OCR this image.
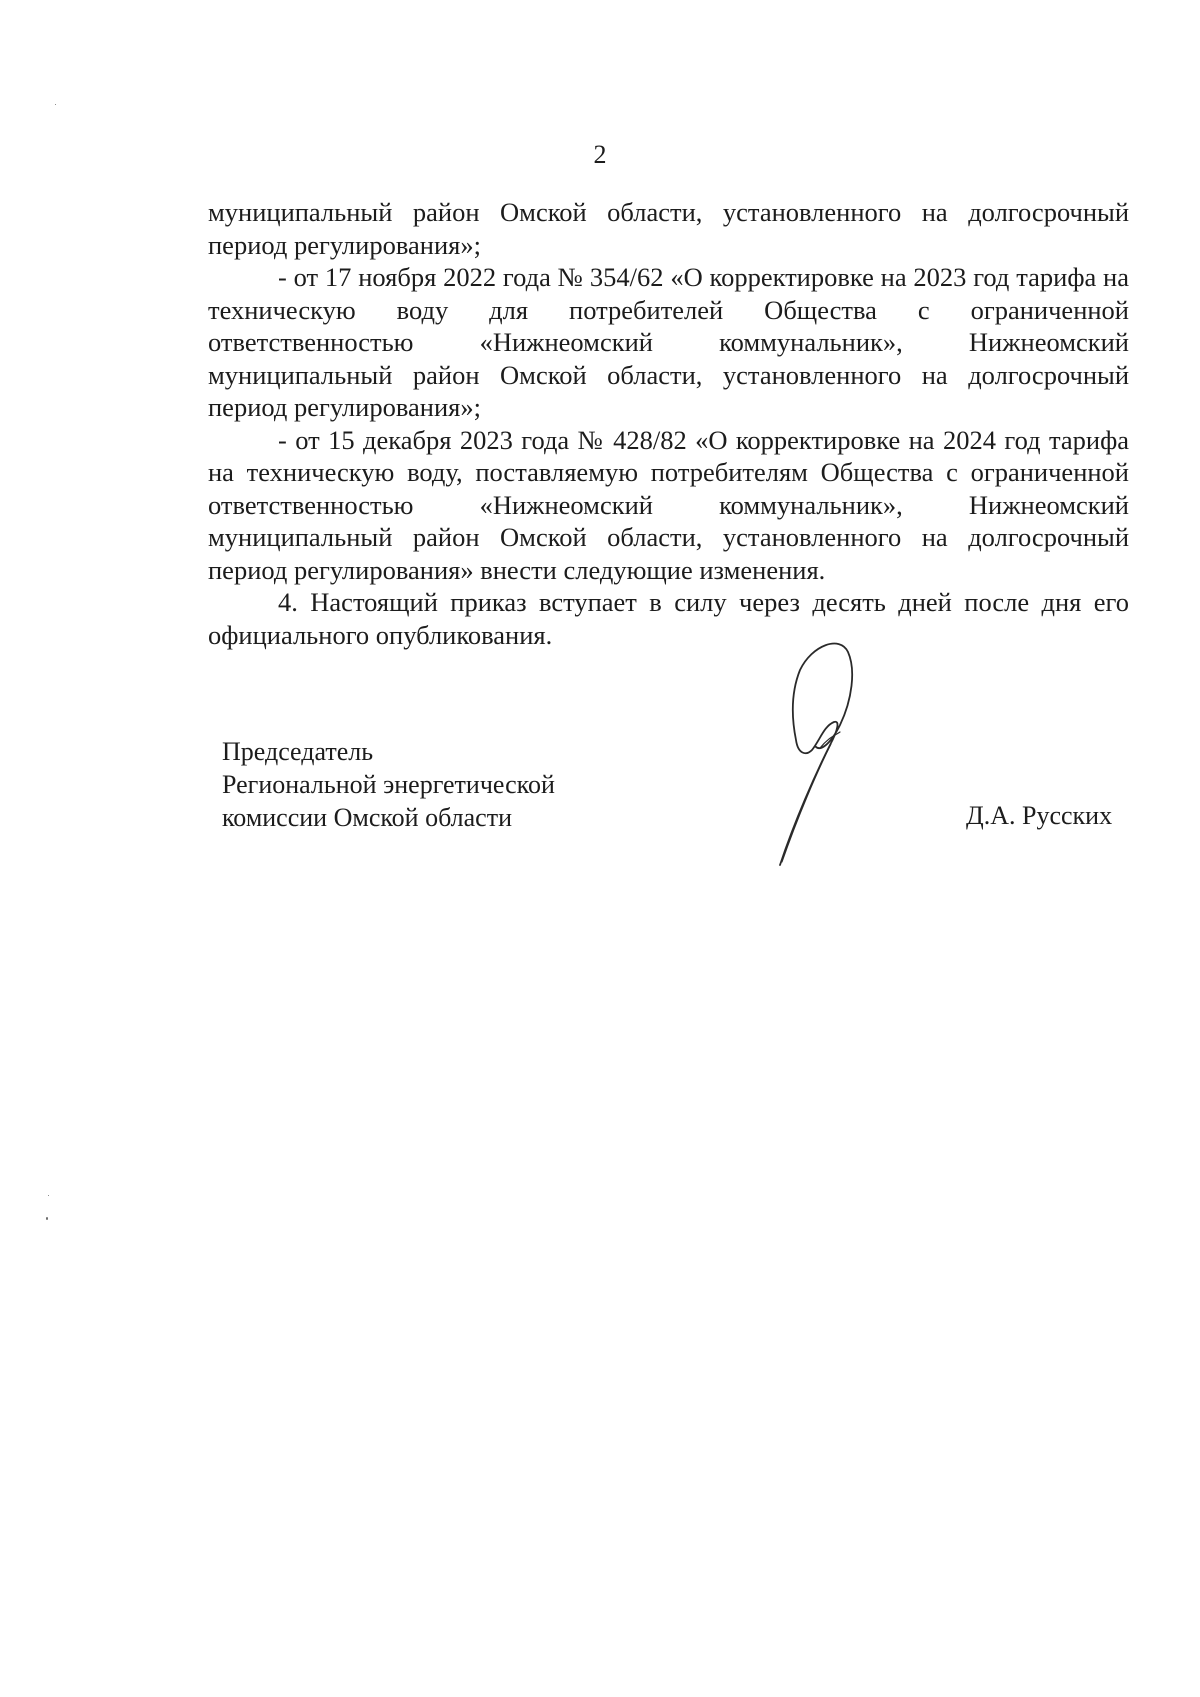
2

муниципальный район Омской области, установленного на долгосрочный период регулирования»;

- от 17 ноября 2022 года № 354/62 «О корректировке на 2023 год тарифа на техническую воду для потребителей Общества с ограниченной ответственностью «Нижнеомский коммунальник», Нижнеомский муниципальный район Омской области, установленного на долгосрочный период регулирования»;

- от 15 декабря 2023 года № 428/82 «О корректировке на 2024 год тарифа на техническую воду, поставляемую потребителям Общества с ограниченной ответственностью «Нижнеомский коммунальник», Нижнеомский муниципальный район Омской области, установленного на долгосрочный период регулирования» внести следующие изменения.

4. Настоящий приказ вступает в силу через десять дней после дня его официального опубликования.

Председатель
Региональной энергетической
комиссии Омской области	Д.А. Русских
